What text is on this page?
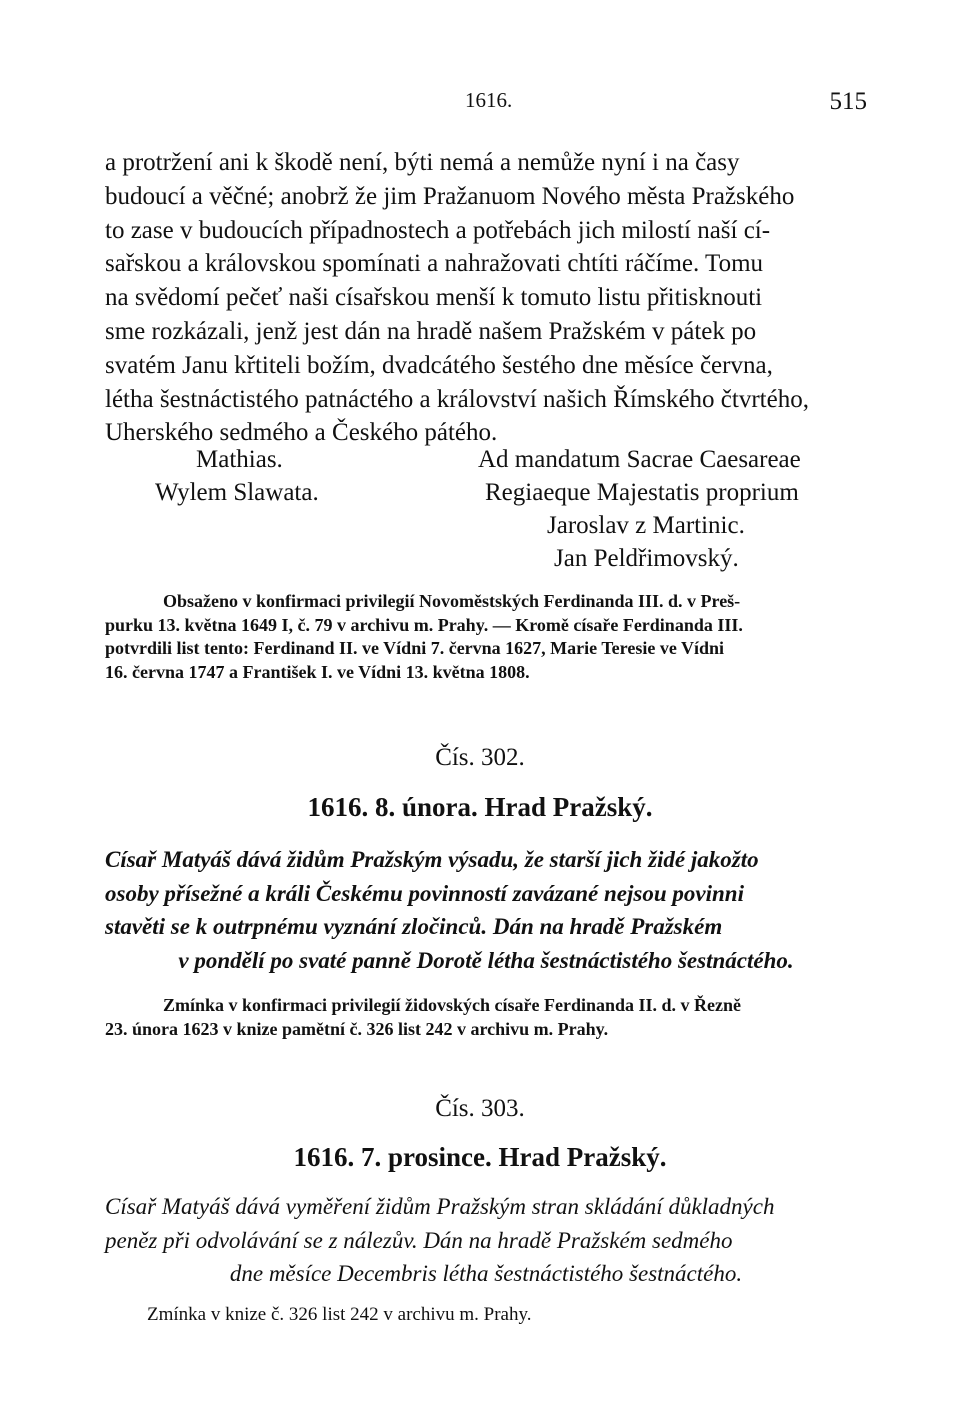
1616.	515
a protržení ani k škodě není, býti nemá a nemůže nyní i na časy
budoucí a věčné; anobrž že jim Pražanuom Nového města Pražského
to zase v budoucích případnostech a potřebách jich milostí naší cí-
sařskou a královskou spomínati a nahražovati chtíti ráčíme. Tomu
na svědomí pečeť naši císařskou menší k tomuto listu přitisknouti
sme rozkázali, jenž jest dán na hradě našem Pražském v pátek po
svatém Janu křtiteli božím, dvadcátého šestého dne měsíce června,
létha šestnáctistého patnáctého a království našich Římského čtvrtého,
Uherského sedmého a Českého pátého.
Mathias.	Ad mandatum Sacrae Caesareae
Wylem Slawata.	Regiaeque Majestatis proprium
Jaroslav z Martinic.
Jan Peldřimovský.
Obsaženo v konfirmaci privilegií Novoměstských Ferdinanda III. d. v Preš-
purku 13. května 1649 I, č. 79 v archivu m. Prahy. — Kromě císaře Ferdinanda III.
potvrdili list tento: Ferdinand II. ve Vídni 7. června 1627, Marie Teresie ve Vídni
16. června 1747 a František I. ve Vídni 13. května 1808.
Čís. 302.
1616. 8. února. Hrad Pražský.
Císař Matyáš dává židům Pražským výsadu, že starší jich židé jakožto
osoby přísežné a králi Českému povinností zavázané nejsou povinni
stavěti se k outrpnému vyznání zločinců. Dán na hradě Pražském
v pondělí po svaté panně Dorotě létha šestnáctistého šestnáctého.
Zmínka v konfirmaci privilegií židovských císaře Ferdinanda II. d. v Řezně
23. února 1623 v knize pamětní č. 326 list 242 v archivu m. Prahy.
Čís. 303.
1616. 7. prosince. Hrad Pražský.
Císař Matyáš dává vyměření židům Pražským stran skládání důkladných
peněz při odvolávání se z nálezův. Dán na hradě Pražském sedmého
dne měsíce Decembris létha šestnáctistého šestnáctého.
Zmínka v knize č. 326 list 242 v archivu m. Prahy.
